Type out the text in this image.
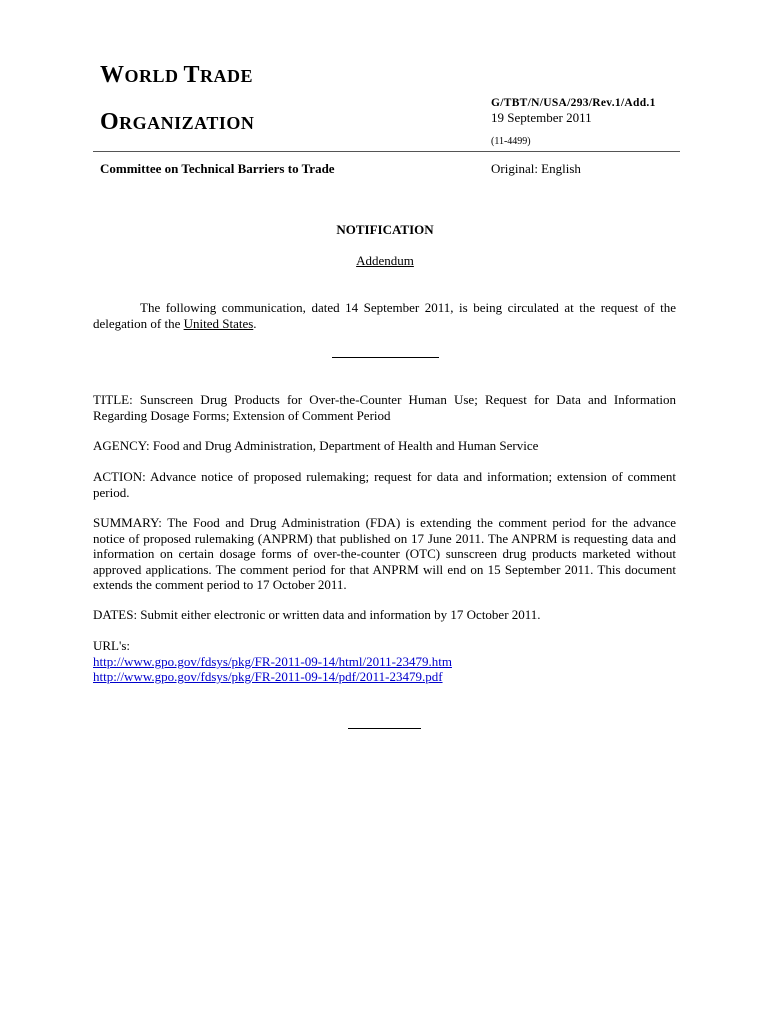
WORLD TRADE
ORGANIZATION
G/TBT/N/USA/293/Rev.1/Add.1
19 September 2011
(11-4499)
Committee on Technical Barriers to Trade	Original: English
NOTIFICATION
Addendum
The following communication, dated 14 September 2011, is being circulated at the request of the delegation of the United States.
TITLE: Sunscreen Drug Products for Over-the-Counter Human Use; Request for Data and Information Regarding Dosage Forms; Extension of Comment Period
AGENCY: Food and Drug Administration, Department of Health and Human Service
ACTION: Advance notice of proposed rulemaking; request for data and information; extension of comment period.
SUMMARY: The Food and Drug Administration (FDA) is extending the comment period for the advance notice of proposed rulemaking (ANPRM) that published on 17 June 2011. The ANPRM is requesting data and information on certain dosage forms of over-the-counter (OTC) sunscreen drug products marketed without approved applications. The comment period for that ANPRM will end on 15 September 2011. This document extends the comment period to 17 October 2011.
DATES: Submit either electronic or written data and information by 17 October 2011.
URL's:
http://www.gpo.gov/fdsys/pkg/FR-2011-09-14/html/2011-23479.htm
http://www.gpo.gov/fdsys/pkg/FR-2011-09-14/pdf/2011-23479.pdf
